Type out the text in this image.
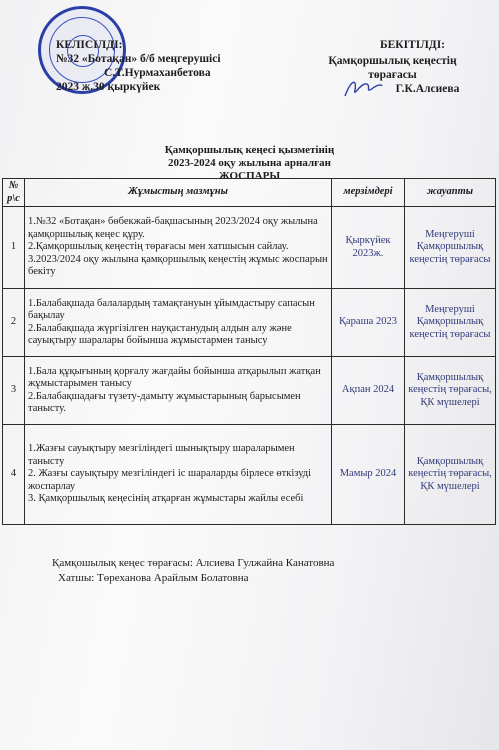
КЕЛІСІЛДІ:
№32 «Ботақан» б/б меңгерушісі
С.Т.Нурмаханбетова
2023 ж.30 қыркүйек
БЕКІТІЛДІ:
Қамқоршылық кеңестің
төрағасы
Г.К.Алсиева
Қамқоршылық кеңесі қызметінің
2023-2024 оқу жылына арналған
ЖОСПАРЫ
№ р\с	Жұмыстың мазмұны	мерзімдері	жауапты
1	1.№32 «Ботақан» бөбекжай-бақшасының 2023/2024 оқу жылына қамқоршылық кеңес құру.
2.Қамқоршылық кеңестің төрағасы мен хатшысын сайлау.
3.2023/2024 оқу жылына қамқоршылық кеңестің жұмыс жоспарын бекіту	Қыркүйек 2023ж.	Меңгеруші Қамқоршылық кеңестің төрағасы
2	1.Балабақшада балалардың тамақтануын ұйымдастыру сапасын бақылау
2.Балабақшада жүргізілген науқастанудың алдын алу және сауықтыру шаралары бойынша жұмыстармен танысу	Қараша 2023	Меңгеруші Қамқоршылық кеңестің төрағасы
3	1.Бала құқығының қорғалу жағдайы бойынша атқарылып жатқан жұмыстарымен танысу
2.Балабақшадағы түзету-дамыту жұмыстарының барысымен танысту.	Ақпан 2024	Қамқоршылық кеңестің төрағасы, ҚК мүшелері
4	1.Жазғы сауықтыру мезгіліндегі шынықтыру шараларымен
танысту
2. Жазғы сауықтыру мезгіліндегі іс шараларды бірлесе өткізуді жоспарлау
3. Қамқоршылық кеңесінің атқарған жұмыстары жайлы есебі	Мамыр 2024	Қамқоршылық кеңестің төрағасы, ҚК мүшелері
Қамқошылық кеңес төрағасы: Алсиева Гулжайна Канатовна
Хатшы: Төреханова Арайлым Болатовна
